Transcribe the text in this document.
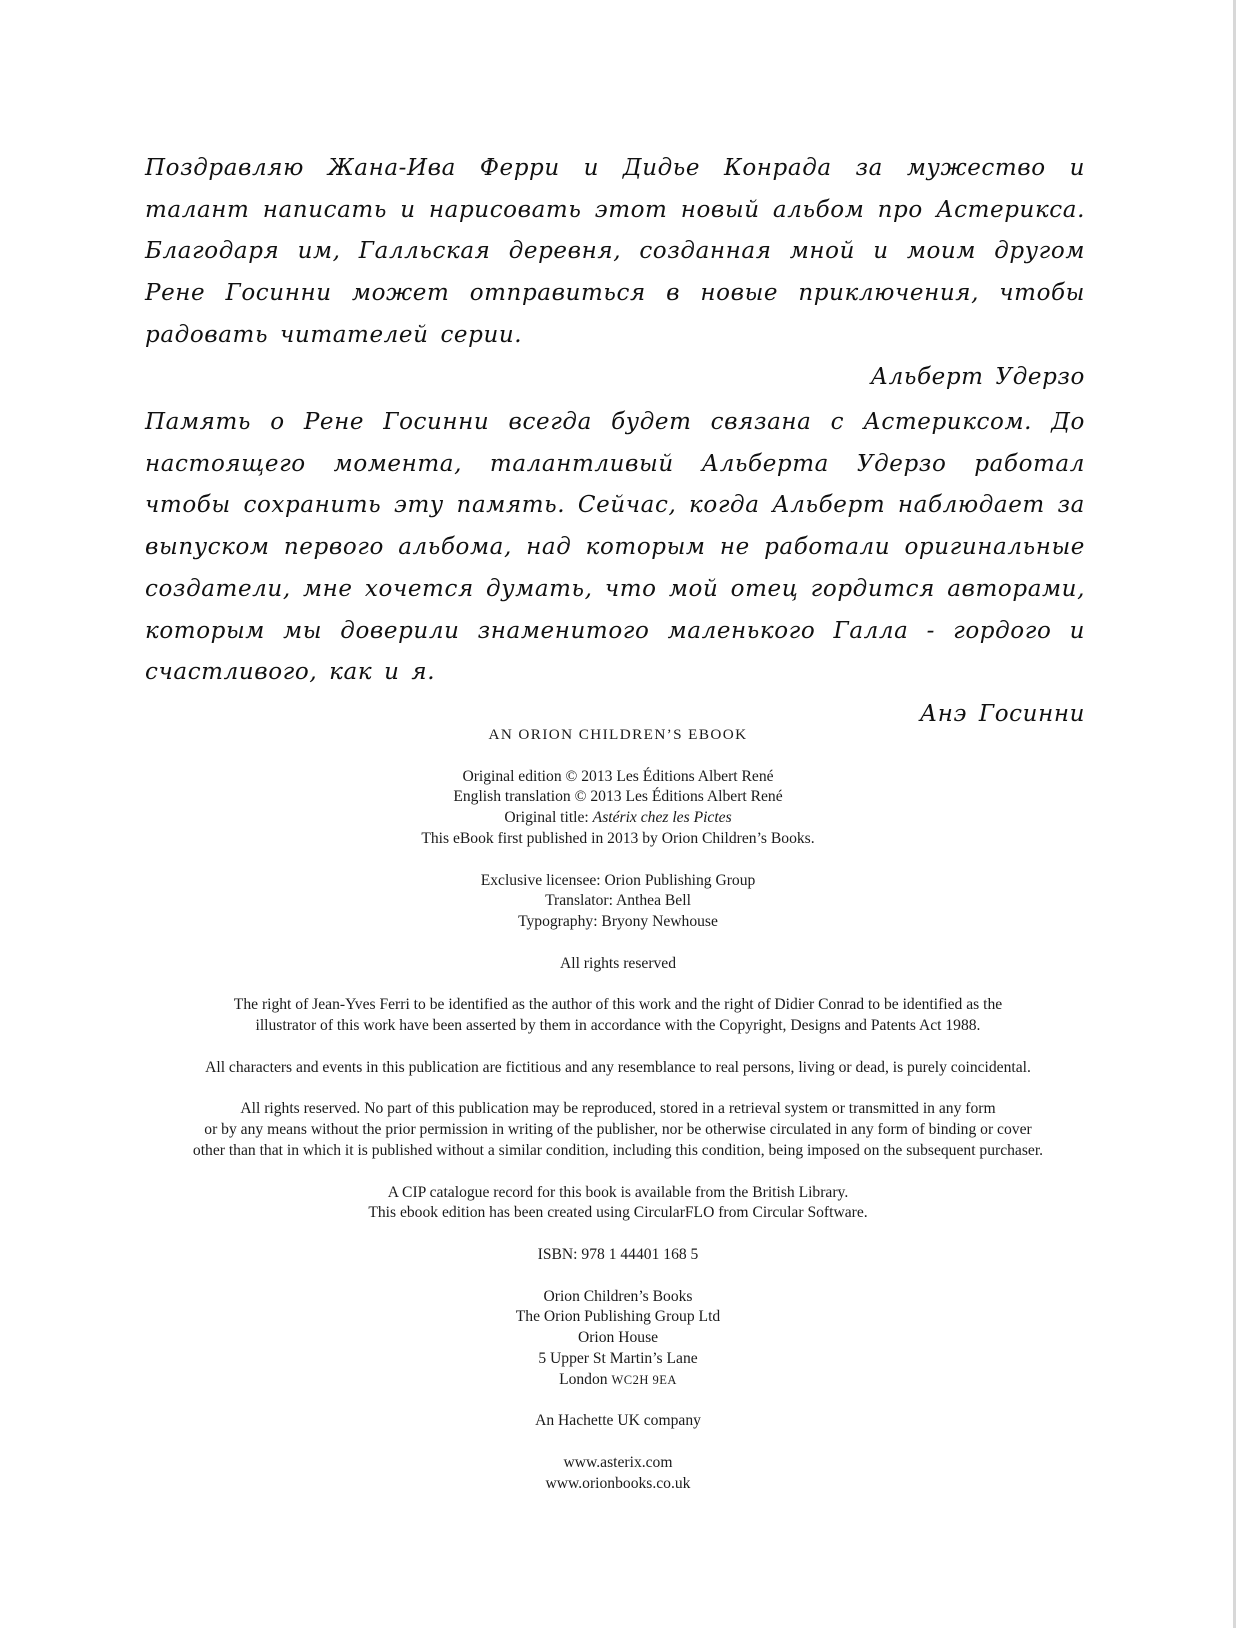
Поздравляю Жана-Ива Ферри и Дидье Конрада за мужество и талант написать и нарисовать этот новый альбом про Астерикса. Благодаря им, Галльская деревня, созданная мной и моим другом Рене Госинни может отправиться в новые приключения, чтобы радовать читателей серии.

Альберт Удерзо

Память о Рене Госинни всегда будет связана с Астериксом. До настоящего момента, талантливый Альберта Удерзо работал чтобы сохранить эту память. Сейчас, когда Альберт наблюдает за выпуском первого альбома, над которым не работали оригинальные создатели, мне хочется думать, что мой отец гордится авторами, которым мы доверили знаменитого маленького Галла - гордого и счастливого, как и я.

Анэ Госинни

AN ORION CHILDREN’S EBOOK
Original edition © 2013 Les Éditions Albert René
English translation © 2013 Les Éditions Albert René
Original title: Astérix chez les Pictes
This eBook first published in 2013 by Orion Children’s Books.
Exclusive licensee: Orion Publishing Group
Translator: Anthea Bell
Typography: Bryony Newhouse
All rights reserved
The right of Jean-Yves Ferri to be identified as the author of this work and the right of Didier Conrad to be identified as the
illustrator of this work have been asserted by them in accordance with the Copyright, Designs and Patents Act 1988.
All characters and events in this publication are fictitious and any resemblance to real persons, living or dead, is purely coincidental.
All rights reserved. No part of this publication may be reproduced, stored in a retrieval system or transmitted in any form
or by any means without the prior permission in writing of the publisher, nor be otherwise circulated in any form of binding or cover
other than that in which it is published without a similar condition, including this condition, being imposed on the subsequent purchaser.
A CIP catalogue record for this book is available from the British Library.
This ebook edition has been created using CircularFLO from Circular Software.
ISBN: 978 1 44401 168 5
Orion Children’s Books
The Orion Publishing Group Ltd
Orion House
5 Upper St Martin’s Lane
London WC2H 9EA
An Hachette UK company
www.asterix.com
www.orionbooks.co.uk
